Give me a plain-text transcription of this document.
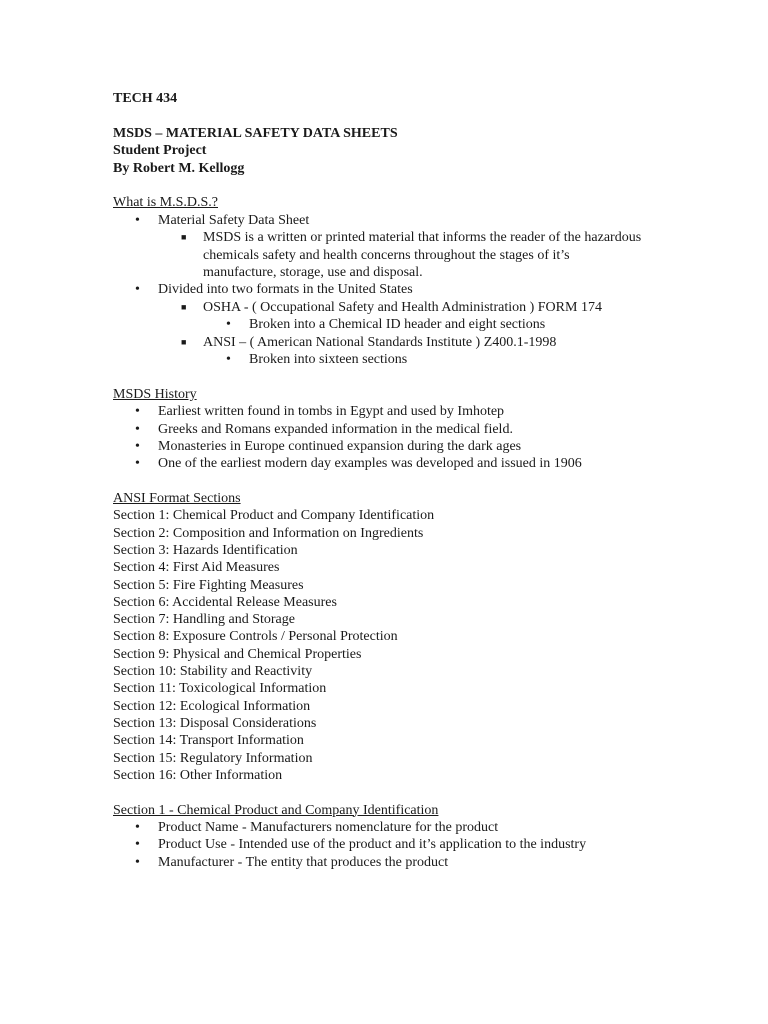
TECH 434
MSDS – MATERIAL SAFETY DATA SHEETS
Student Project
By Robert M. Kellogg
What is M.S.D.S.?
• Material Safety Data Sheet
■ MSDS is a written or printed material that informs the reader of the hazardous chemicals safety and health concerns throughout the stages of it’s manufacture, storage, use and disposal.
• Divided into two formats in the United States
■ OSHA - ( Occupational Safety and Health Administration ) FORM 174
• Broken into a Chemical ID header and eight sections
■ ANSI – ( American National Standards Institute ) Z400.1-1998
• Broken into sixteen sections
MSDS History
• Earliest written found in tombs in Egypt and used by Imhotep
• Greeks and Romans expanded information in the medical field.
• Monasteries in Europe continued expansion during the dark ages
• One of the earliest modern day examples was developed and issued in 1906
ANSI Format Sections
Section 1: Chemical Product and Company Identification
Section 2: Composition and Information on Ingredients
Section 3: Hazards Identification
Section 4: First Aid Measures
Section 5: Fire Fighting Measures
Section 6: Accidental Release Measures
Section 7: Handling and Storage
Section 8: Exposure Controls / Personal Protection
Section 9: Physical and Chemical Properties
Section 10: Stability and Reactivity
Section 11: Toxicological Information
Section 12: Ecological Information
Section 13: Disposal Considerations
Section 14: Transport Information
Section 15: Regulatory Information
Section 16: Other Information
Section 1 - Chemical Product and Company Identification
• Product Name - Manufacturers nomenclature for the product
• Product Use - Intended use of the product and it’s application to the industry
• Manufacturer - The entity that produces the product
